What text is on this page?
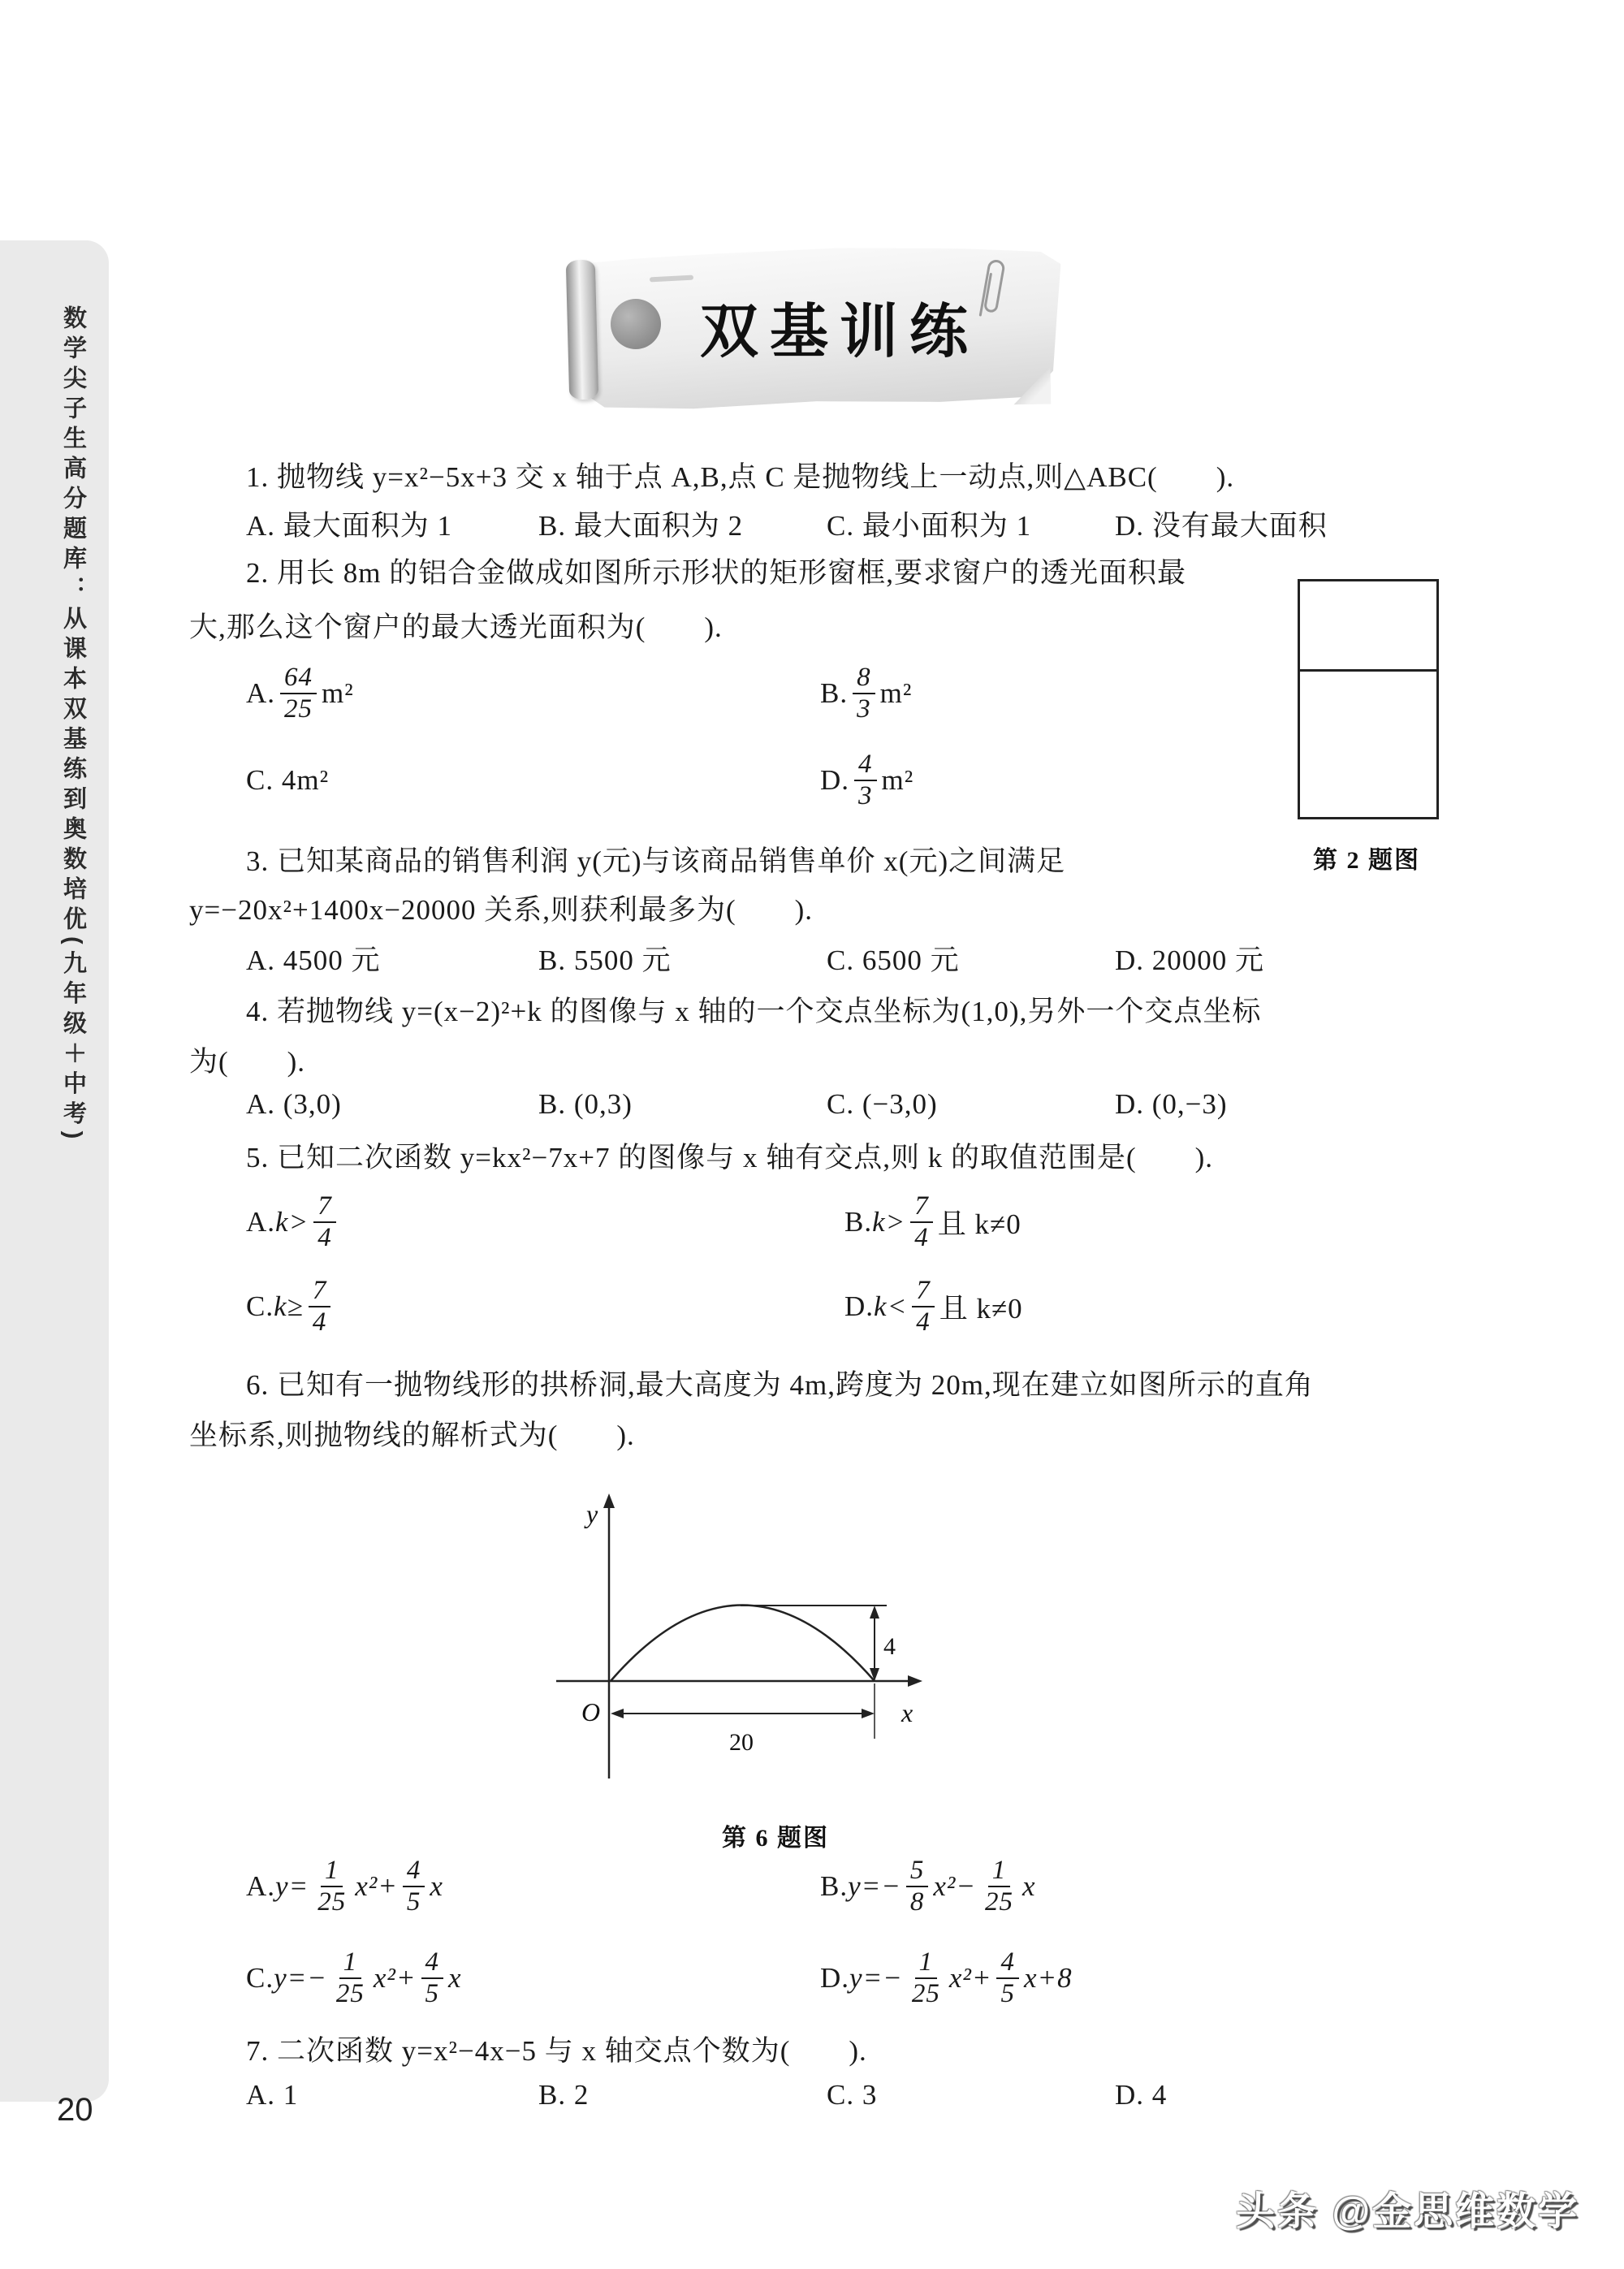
数学尖子生高分题库：从课本双基练到奥数培优(九年级＋中考)
20
双基训练
1. 抛物线 y=x²−5x+3 交 x 轴于点 A,B,点 C 是抛物线上一动点,则△ABC(　　).
A. 最大面积为 1	B. 最大面积为 2	C. 最小面积为 1	D. 没有最大面积
2. 用长 8m 的铝合金做成如图所示形状的矩形窗框,要求窗户的透光面积最
大,那么这个窗户的最大透光面积为(　　).
A. $\frac{64}{25} m^2$	B. $\frac{8}{3} m^2$
C. 4m²	D. $\frac{4}{3} m^2$
第 2 题图
3. 已知某商品的销售利润 y(元)与该商品销售单价 x(元)之间满足
y=−20x²+1400x−20000 关系,则获利最多为(　　).
A. 4500 元	B. 5500 元	C. 6500 元	D. 20000 元
4. 若抛物线 y=(x−2)²+k 的图像与 x 轴的一个交点坐标为(1,0),另外一个交点坐标
为(　　).
A. (3,0)	B. (0,3)	C. (−3,0)	D. (0,−3)
5. 已知二次函数 y=kx²−7x+7 的图像与 x 轴有交点,则 k 的取值范围是(　　).
A. $k> \frac{7}{4}$	B. $k> \frac{7}{4}$ 且 k≠0
C. $k\ge \frac{7}{4}$	D. $k< \frac{7}{4}$ 且 k≠0
6. 已知有一抛物线形的拱桥洞,最大高度为 4m,跨度为 20m,现在建立如图所示的直角
坐标系,则抛物线的解析式为(　　).
y
x
O
4
20
第 6 题图
A. $y= \frac{1}{25} x^2+ \frac{4}{5}$ x	B. $y=- \frac{5}{8} x^2- \frac{1}{25}$ x
C. $y=- \frac{1}{25} x^2+ \frac{4}{5}$ x	D. $y=- \frac{1}{25} x^2+ \frac{4}{5} x+8$
7. 二次函数 y=x²−4x−5 与 x 轴交点个数为(　　).
A. 1	B. 2	C. 3	D. 4
头条 @金思维数学
